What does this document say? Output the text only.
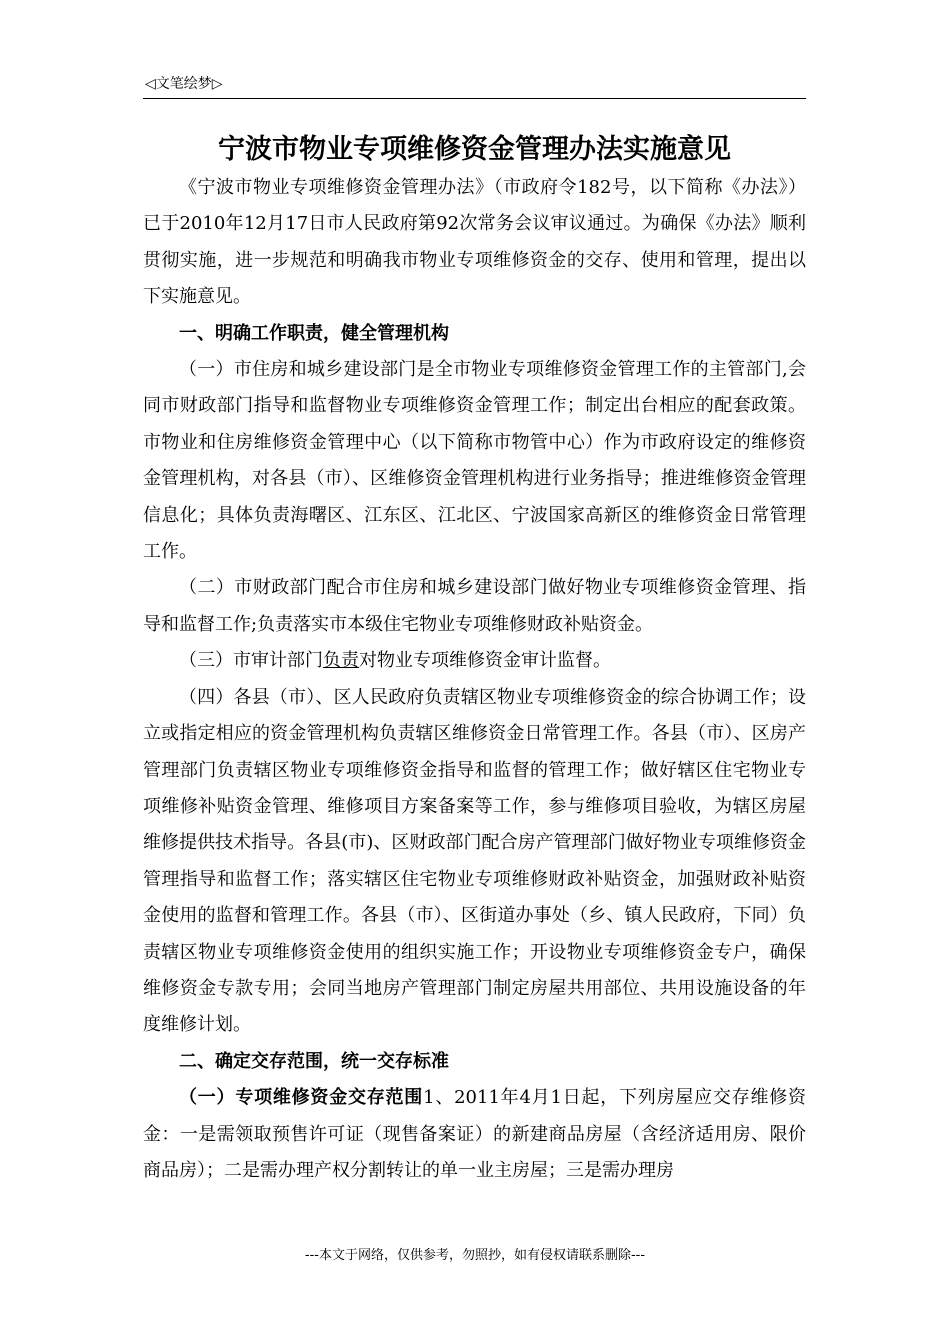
◁文笔绘梦▷
宁波市物业专项维修资金管理办法实施意见

《宁波市物业专项维修资金管理办法》（市政府令182号，以下简称《办法》）已于2010年12月17日市人民政府第92次常务会议审议通过。为确保《办法》顺利贯彻实施，进一步规范和明确我市物业专项维修资金的交存、使用和管理，提出以下实施意见。

一、明确工作职责，健全管理机构

（一）市住房和城乡建设部门是全市物业专项维修资金管理工作的主管部门,会同市财政部门指导和监督物业专项维修资金管理工作；制定出台相应的配套政策。市物业和住房维修资金管理中心（以下简称市物管中心）作为市政府设定的维修资金管理机构，对各县（市）、区维修资金管理机构进行业务指导；推进维修资金管理信息化；具体负责海曙区、江东区、江北区、宁波国家高新区的维修资金日常管理工作。

（二）市财政部门配合市住房和城乡建设部门做好物业专项维修资金管理、指导和监督工作;负责落实市本级住宅物业专项维修财政补贴资金。

（三）市审计部门负责对物业专项维修资金审计监督。

（四）各县（市）、区人民政府负责辖区物业专项维修资金的综合协调工作；设立或指定相应的资金管理机构负责辖区维修资金日常管理工作。各县（市）、区房产管理部门负责辖区物业专项维修资金指导和监督的管理工作；做好辖区住宅物业专项维修补贴资金管理、维修项目方案备案等工作，参与维修项目验收，为辖区房屋维修提供技术指导。各县(市)、区财政部门配合房产管理部门做好物业专项维修资金管理指导和监督工作；落实辖区住宅物业专项维修财政补贴资金，加强财政补贴资金使用的监督和管理工作。各县（市）、区街道办事处（乡、镇人民政府，下同）负责辖区物业专项维修资金使用的组织实施工作；开设物业专项维修资金专户，确保维修资金专款专用；会同当地房产管理部门制定房屋共用部位、共用设施设备的年度维修计划。

二、确定交存范围，统一交存标准

（一）专项维修资金交存范围1、2011年4月1日起，下列房屋应交存维修资金：一是需领取预售许可证（现售备案证）的新建商品房屋（含经济适用房、限价商品房）；二是需办理产权分割转让的单一业主房屋；三是需办理房

---本文于网络，仅供参考，勿照抄，如有侵权请联系删除---
